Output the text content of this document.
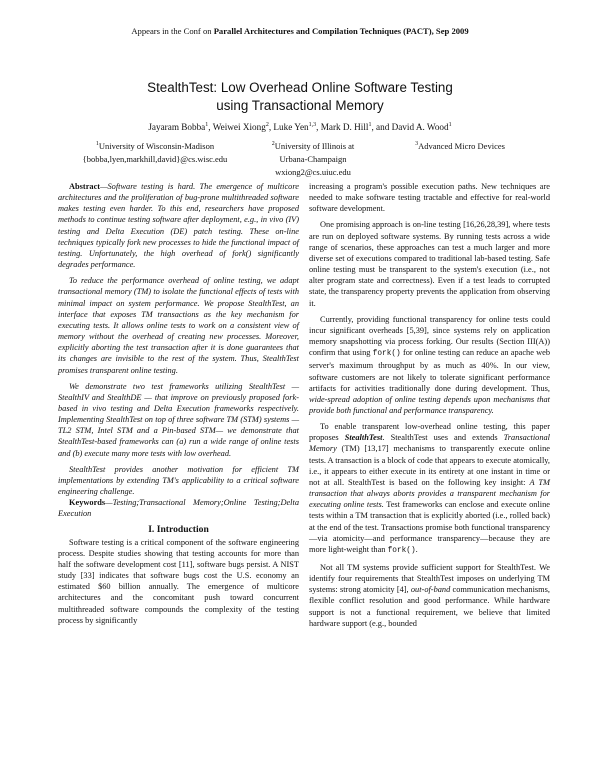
Appears in the Conf on Parallel Architectures and Compilation Techniques (PACT), Sep 2009
StealthTest: Low Overhead Online Software Testing
using Transactional Memory
Jayaram Bobba$^1$, Weiwei Xiong$^2$, Luke Yen$^{1,3}$, Mark D. Hill$^1$, and David A. Wood$^1$
$^1$University of Wisconsin-Madison
{bobba,lyen,markhill,david}@cs.wisc.edu
$^2$University of Illinois at
Urbana-Champaign
wxiong2@cs.uiuc.edu
$^3$Advanced Micro Devices

Abstract—Software testing is hard. The emergence of multicore architectures and the proliferation of bug-prone multithreaded software makes testing even harder. To this end, researchers have proposed methods to continue testing software after deployment, e.g., in vivo (IV) testing and Delta Execution (DE) patch testing. These on-line techniques typically fork new processes to hide the functional impact of testing. Unfortunately, the high overhead of fork() significantly degrades performance.

To reduce the performance overhead of online testing, we adapt transactional memory (TM) to isolate the functional effects of tests with minimal impact on system performance. We propose StealthTest, an interface that exposes TM transactions as the key mechanism for executing tests. It allows online tests to work on a consistent view of memory without the overhead of creating new processes. Moreover, explicitly aborting the test transaction after it is done guarantees that its changes are invisible to the rest of the system. Thus, StealthTest promises transparent online testing.

We demonstrate two test frameworks utilizing StealthTest — StealthIV and StealthDE — that improve on previously proposed fork-based in vivo testing and Delta Execution frameworks respectively. Implementing StealthTest on top of three software TM (STM) systems — TL2 STM, Intel STM and a Pin-based STM— we demonstrate that StealthTest-based frameworks can (a) run a wide range of online tests and (b) execute many more tests with low overhead.

StealthTest provides another motivation for efficient TM implementations by extending TM's applicability to a critical software engineering challenge.

Keywords—Testing;Transactional Memory;Online Testing;Delta Execution

I. Introduction

Software testing is a critical component of the software engineering process. Despite studies showing that testing accounts for more than half the software development cost [11], software bugs persist. A NIST study [33] indicates that software bugs cost the U.S. economy an estimated $60 billion annually. The emergence of multicore architectures and the concomitant push toward concurrent multithreaded software compounds the complexity of the testing process by significantly

increasing a program's possible execution paths. New techniques are needed to make software testing tractable and effective for real-world software development.

One promising approach is on-line testing [16,26,28,39], where tests are run on deployed software systems. By running tests across a wide range of scenarios, these approaches can test a much larger and more diverse set of executions compared to traditional lab-based testing. Safe online testing must be transparent to the system's execution (i.e., not alter program state and correctness). Even if a test leads to corrupted state, the transparency property prevents the application from observing it.

Currently, providing functional transparency for online tests could incur significant overheads [5,39], since systems rely on application memory snapshotting via process forking. Our results (Section III(A)) confirm that using fork() for online testing can reduce an apache web server's maximum throughput by as much as 40%. In our view, software customers are not likely to tolerate significant performance artifacts for activities traditionally done during development. Thus, wide-spread adoption of online testing depends upon mechanisms that provide both functional and performance transparency.

To enable transparent low-overhead online testing, this paper proposes StealthTest. StealthTest uses and extends Transactional Memory (TM) [13,17] mechanisms to transparently execute online tests. A transaction is a block of code that appears to execute atomically, i.e., it appears to either execute in its entirety at one instant in time or not at all. StealthTest is based on the following key insight: A TM transaction that always aborts provides a transparent mechanism for executing online tests. Test frameworks can enclose and execute online tests within a TM transaction that is explicitly aborted (i.e., rolled back) at the end of the test. Transactions promise both functional transparency—via atomicity—and performance transparency—because they are more light-weight than fork().

Not all TM systems provide sufficient support for StealthTest. We identify four requirements that StealthTest imposes on underlying TM systems: strong atomicity [4], out-of-band communication mechanisms, flexible conflict resolution and good performance. While hardware support is not a functional requirement, we believe that limited hardware support (e.g., bounded
